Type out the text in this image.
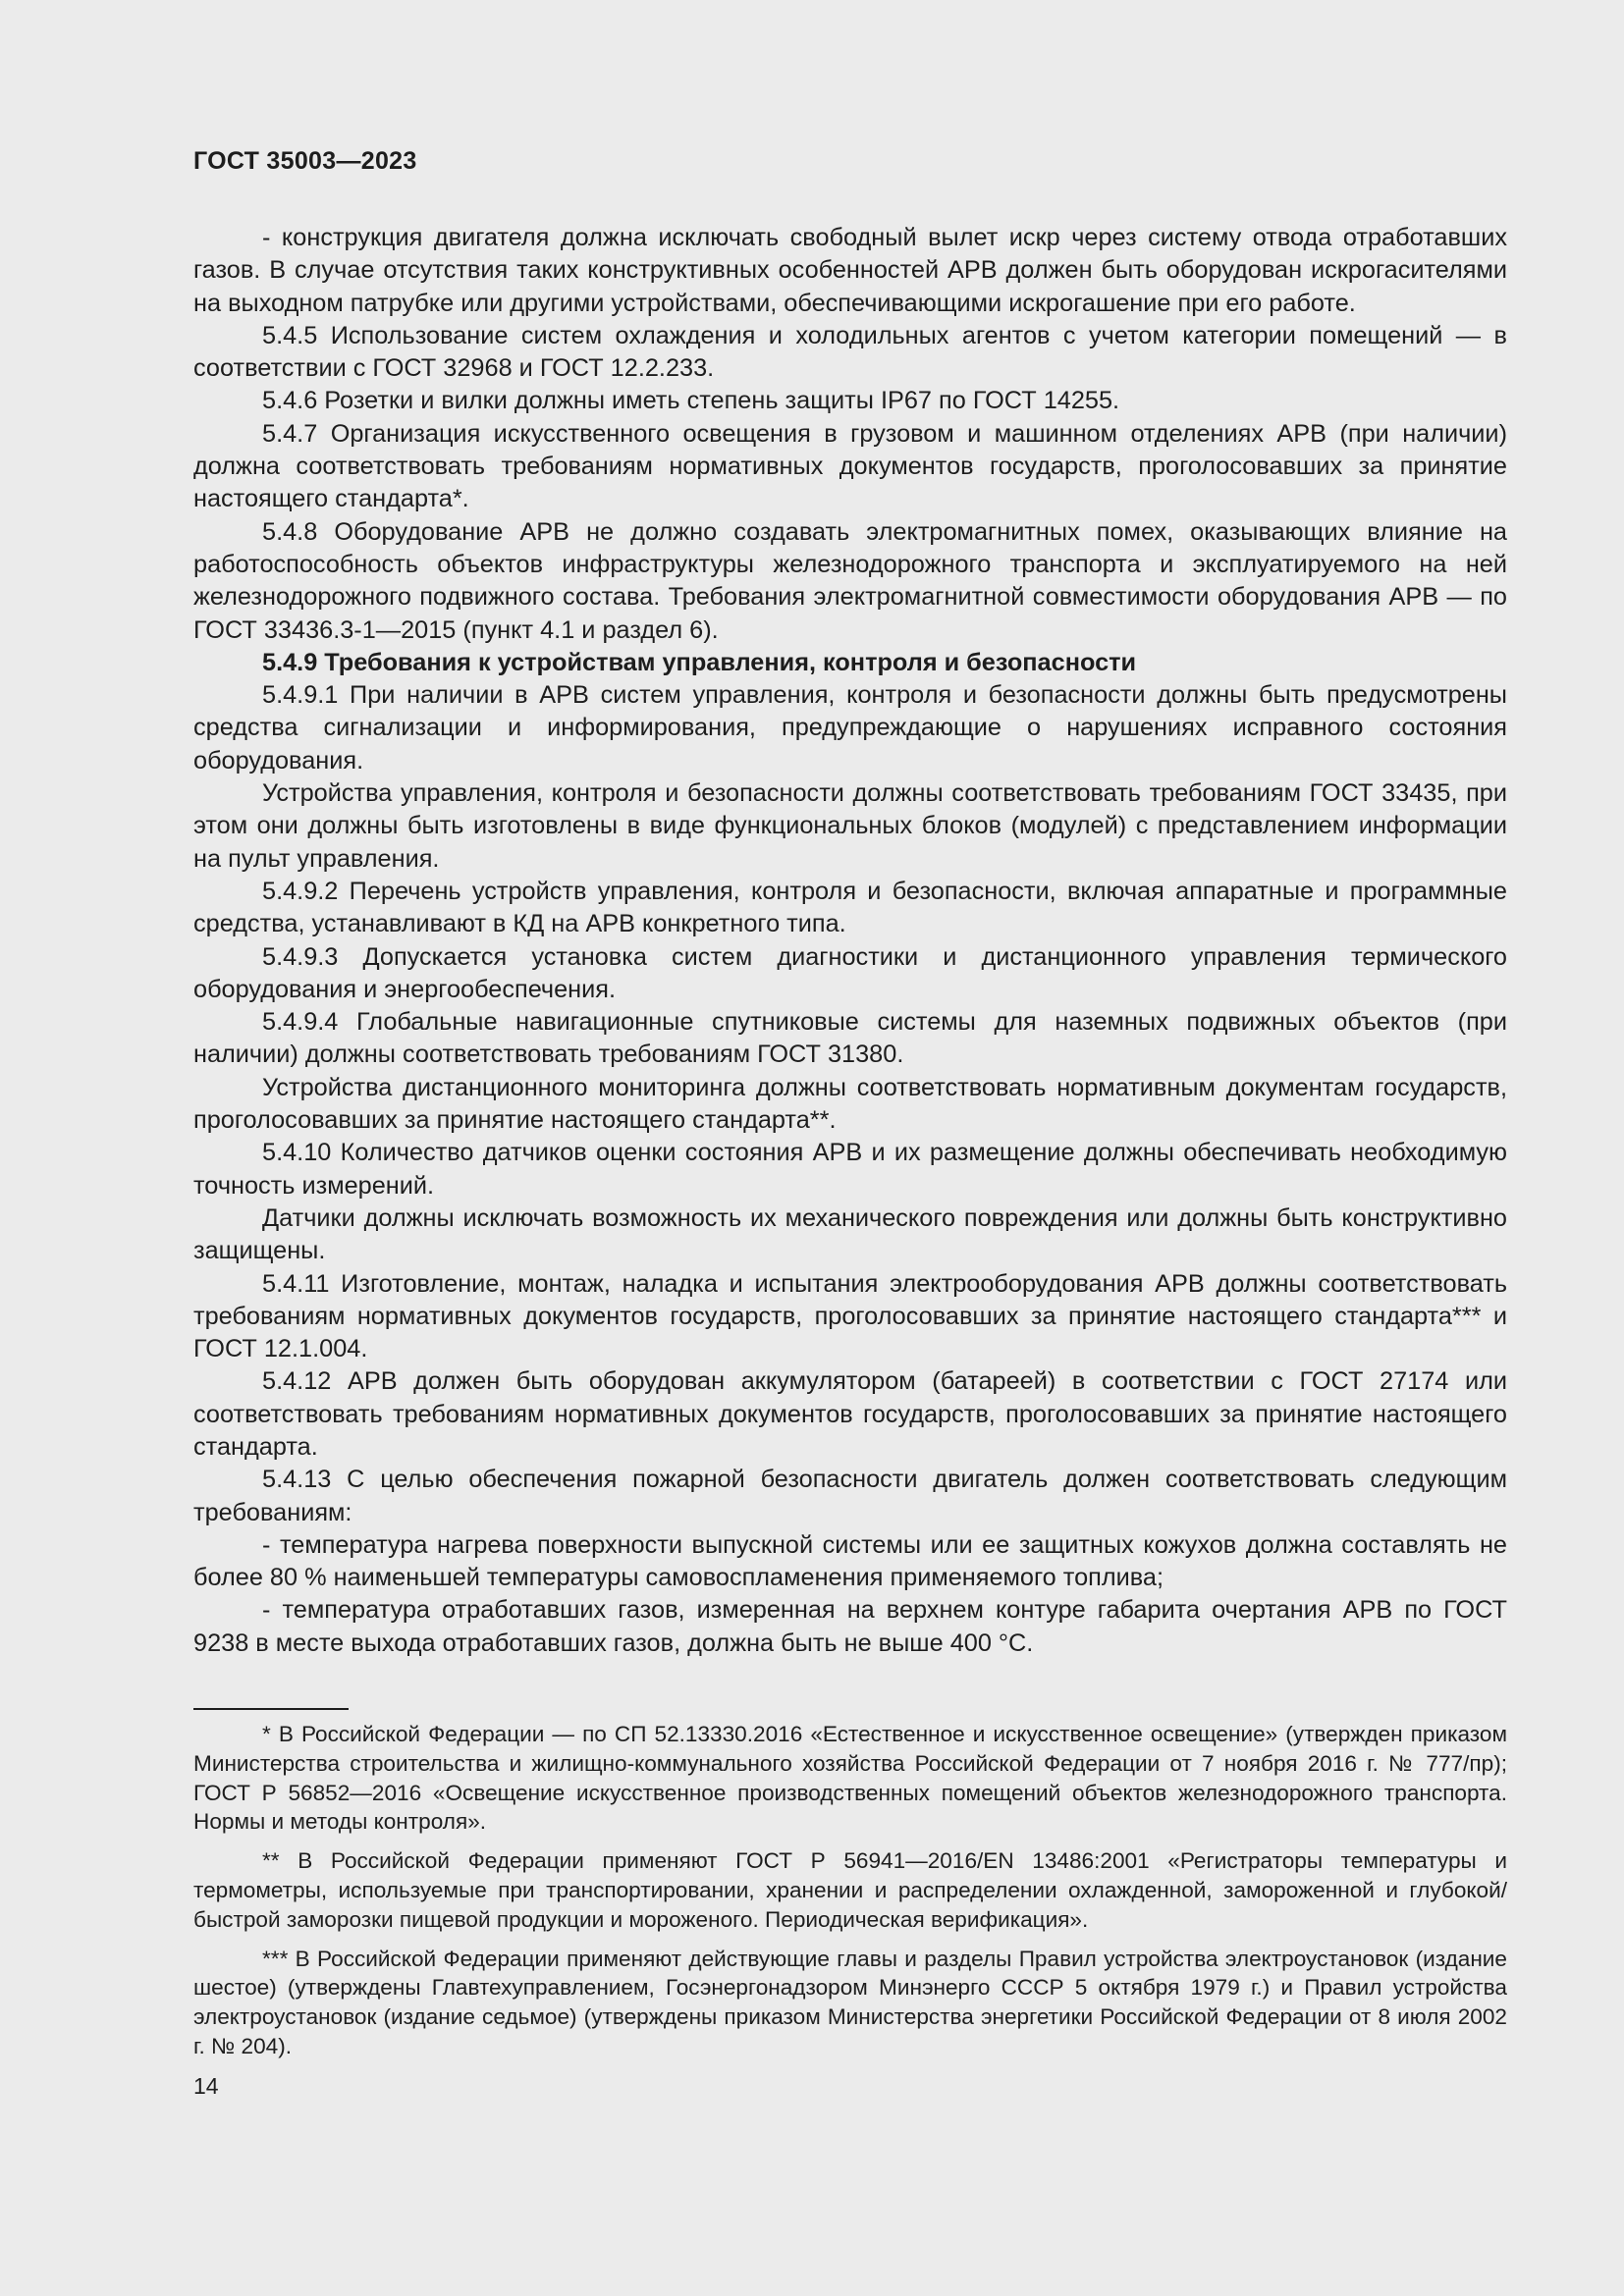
ГОСТ 35003—2023

- конструкция двигателя должна исключать свободный вылет искр через систему отвода отработавших газов. В случае отсутствия таких конструктивных особенностей АРВ должен быть оборудован искрогасителями на выходном патрубке или другими устройствами, обеспечивающими искрогашение при его работе.

5.4.5 Использование систем охлаждения и холодильных агентов с учетом категории помещений — в соответствии с ГОСТ 32968 и ГОСТ 12.2.233.

5.4.6 Розетки и вилки должны иметь степень защиты IP67 по ГОСТ 14255.

5.4.7 Организация искусственного освещения в грузовом и машинном отделениях АРВ (при наличии) должна соответствовать требованиям нормативных документов государств, проголосовавших за принятие настоящего стандарта*.

5.4.8 Оборудование АРВ не должно создавать электромагнитных помех, оказывающих влияние на работоспособность объектов инфраструктуры железнодорожного транспорта и эксплуатируемого на ней железнодорожного подвижного состава. Требования электромагнитной совместимости оборудования АРВ — по ГОСТ 33436.3-1—2015 (пункт 4.1 и раздел 6).

5.4.9 Требования к устройствам управления, контроля и безопасности

5.4.9.1 При наличии в АРВ систем управления, контроля и безопасности должны быть предусмотрены средства сигнализации и информирования, предупреждающие о нарушениях исправного состояния оборудования.

Устройства управления, контроля и безопасности должны соответствовать требованиям ГОСТ 33435, при этом они должны быть изготовлены в виде функциональных блоков (модулей) с представлением информации на пульт управления.

5.4.9.2 Перечень устройств управления, контроля и безопасности, включая аппаратные и программные средства, устанавливают в КД на АРВ конкретного типа.

5.4.9.3 Допускается установка систем диагностики и дистанционного управления термического оборудования и энергообеспечения.

5.4.9.4 Глобальные навигационные спутниковые системы для наземных подвижных объектов (при наличии) должны соответствовать требованиям ГОСТ 31380.

Устройства дистанционного мониторинга должны соответствовать нормативным документам государств, проголосовавших за принятие настоящего стандарта**.

5.4.10 Количество датчиков оценки состояния АРВ и их размещение должны обеспечивать необходимую точность измерений.

Датчики должны исключать возможность их механического повреждения или должны быть конструктивно защищены.

5.4.11 Изготовление, монтаж, наладка и испытания электрооборудования АРВ должны соответствовать требованиям нормативных документов государств, проголосовавших за принятие настоящего стандарта*** и ГОСТ 12.1.004.

5.4.12 АРВ должен быть оборудован аккумулятором (батареей) в соответствии с ГОСТ 27174 или соответствовать требованиям нормативных документов государств, проголосовавших за принятие настоящего стандарта.

5.4.13 С целью обеспечения пожарной безопасности двигатель должен соответствовать следующим требованиям:

- температура нагрева поверхности выпускной системы или ее защитных кожухов должна составлять не более 80 % наименьшей температуры самовоспламенения применяемого топлива;

- температура отработавших газов, измеренная на верхнем контуре габарита очертания АРВ по ГОСТ 9238 в месте выхода отработавших газов, должна быть не выше 400 °С.

* В Российской Федерации — по СП 52.13330.2016 «Естественное и искусственное освещение» (утвержден приказом Министерства строительства и жилищно-коммунального хозяйства Российской Федерации от 7 ноября 2016 г. № 777/пр); ГОСТ Р 56852—2016 «Освещение искусственное производственных помещений объектов железнодорожного транспорта. Нормы и методы контроля».

** В Российской Федерации применяют ГОСТ Р 56941—2016/EN 13486:2001 «Регистраторы температуры и термометры, используемые при транспортировании, хранении и распределении охлажденной, замороженной и глубокой/быстрой заморозки пищевой продукции и мороженого. Периодическая верификация».

*** В Российской Федерации применяют действующие главы и разделы Правил устройства электроустановок (издание шестое) (утверждены Главтехуправлением, Госэнергонадзором Минэнерго СССР 5 октября 1979 г.) и Правил устройства электроустановок (издание седьмое) (утверждены приказом Министерства энергетики Российской Федерации от 8 июля 2002 г. № 204).

14
